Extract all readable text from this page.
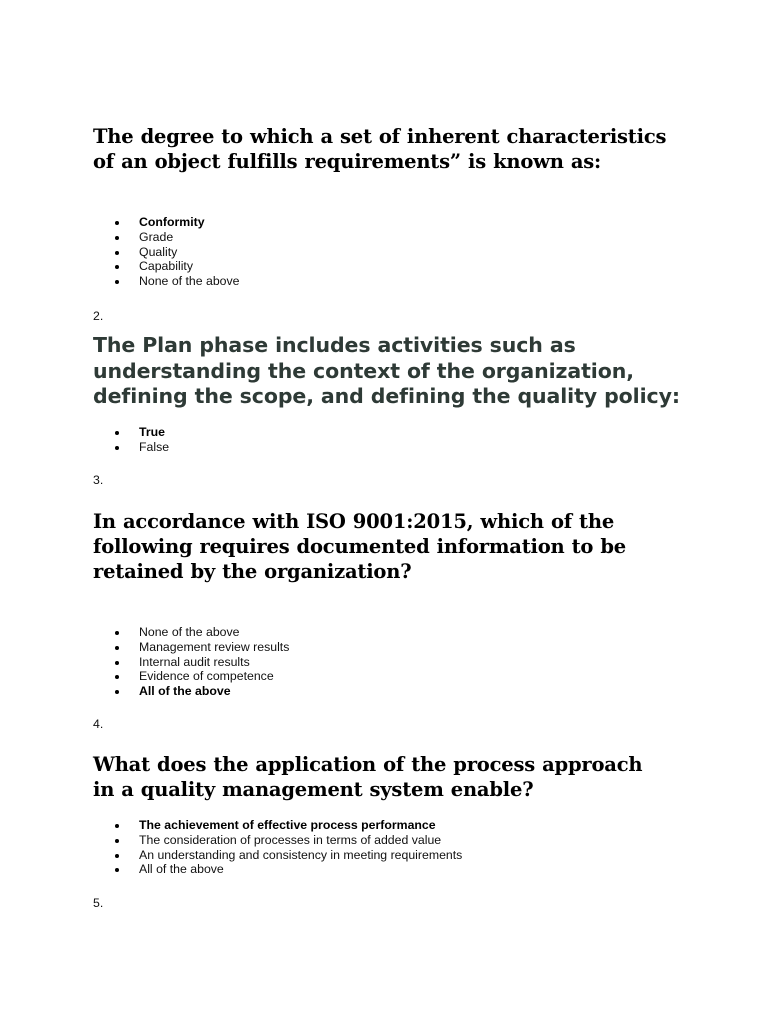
The degree to which a set of inherent characteristics of an object fulfills requirements” is known as:
Conformity
Grade
Quality
Capability
None of the above

2.

The Plan phase includes activities such as understanding the context of the organization, defining the scope, and defining the quality policy:
True
False

3.

In accordance with ISO 9001:2015, which of the following requires documented information to be retained by the organization?
None of the above
Management review results
Internal audit results
Evidence of competence
All of the above

4.

What does the application of the process approach in a quality management system enable?
The achievement of effective process performance
The consideration of processes in terms of added value
An understanding and consistency in meeting requirements
All of the above

5.
